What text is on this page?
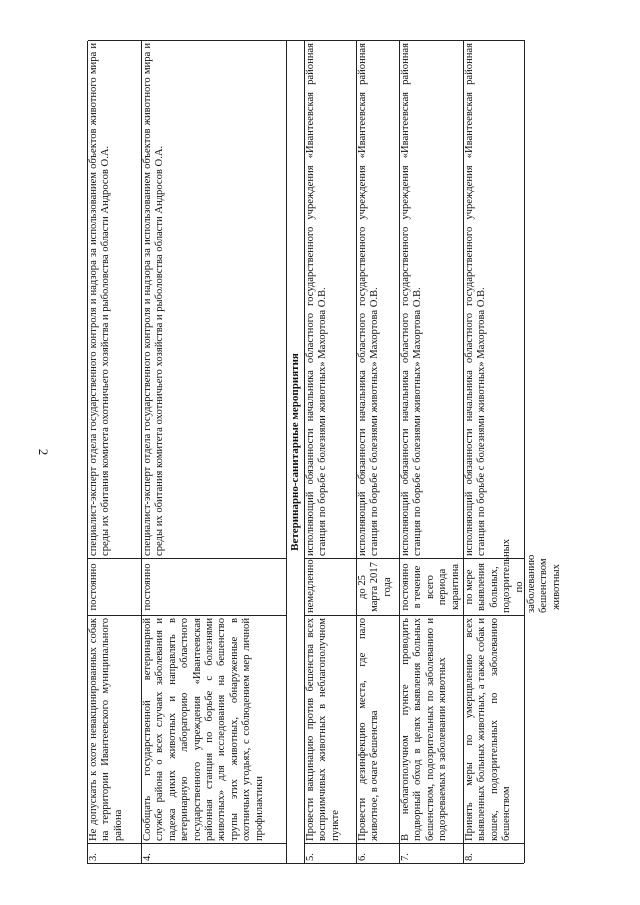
2
3.
Не допускать к охоте невакцинированных собак на территории Ивантеевского муниципального района
постоянно
специалист-эксперт отдела государственного контроля и надзора за использованием объектов животного мира и среды их обитания комитета охотничьего хозяйства и рыболовства области Андросов О.А.
4.
Сообщать государственной ветеринарной службе района о всех случаях заболевания и падежа диких животных и направлять в ветеринарную лабораторию областного государственного учреждения «Ивантеевская районная станция по борьбе с болезнями животных» для исследования на бешенство трупы этих животных, обнаруженные в охотничьих угодьях, с соблюдением мер личной профилактики
постоянно
специалист-эксперт отдела государственного контроля и надзора за использованием объектов животного мира и среды их обитания комитета охотничьего хозяйства и рыболовства области Андросов О.А.	Ветеринарно-санитарные мероприятия
5.
Провести вакцинацию против бешенства всех восприимчивых животных в неблагополучном пункте
немедленно
исполняющий обязанности начальника областного государственного учреждения «Ивантеевская районная станция по борьбе с болезнями животных» Махортова О.В.
6.
Провести дезинфекцию места, где пало животное, в очаге бешенства
до 25 марта 2017 года
исполняющий обязанности начальника областного государственного учреждения «Ивантеевская районная станция по борьбе с болезнями животных» Махортова О.В.
7.
В неблагополучном пункте проводить подворный обход в целях выявления больных бешенством, подозрительных по заболеванию и подозреваемых в заболевании животных
постоянно в течение всего периода карантина
исполняющий обязанности начальника областного государственного учреждения «Ивантеевская районная станция по борьбе с болезнями животных» Махортова О.В.
8.
Принять меры по умерщвлению всех выявленных больных животных, а также собак и кошек, подозрительных по заболеванию бешенством
по мере выявления больных, подозрительных по заболеванию бешенством животных
исполняющий обязанности начальника областного государственного учреждения «Ивантеевская районная станция по борьбе с болезнями животных» Махортова О.В.
